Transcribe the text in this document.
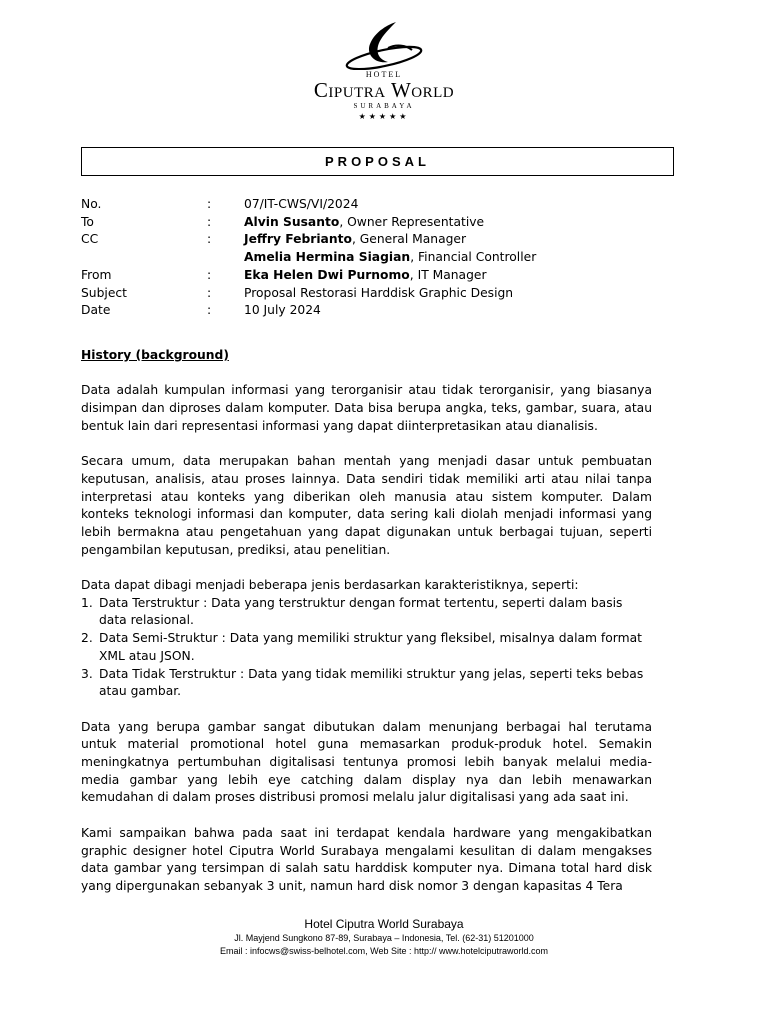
HOTEL
Ciputra World
SURABAYA
★★★★★
PROPOSAL
No.	:	07/IT-CWS/VI/2024
To	:	Alvin Susanto, Owner Representative
CC	:	Jeffry Febrianto, General Manager
Amelia Hermina Siagian, Financial Controller
From	:	Eka Helen Dwi Purnomo, IT Manager
Subject	:	Proposal Restorasi Harddisk Graphic Design
Date	:	10 July 2024
History (background)

Data adalah kumpulan informasi yang terorganisir atau tidak terorganisir, yang biasanya disimpan dan diproses dalam komputer. Data bisa berupa angka, teks, gambar, suara, atau bentuk lain dari representasi informasi yang dapat diinterpretasikan atau dianalisis.

Secara umum, data merupakan bahan mentah yang menjadi dasar untuk pembuatan keputusan, analisis, atau proses lainnya. Data sendiri tidak memiliki arti atau nilai tanpa interpretasi atau konteks yang diberikan oleh manusia atau sistem komputer. Dalam konteks teknologi informasi dan komputer, data sering kali diolah menjadi informasi yang lebih bermakna atau pengetahuan yang dapat digunakan untuk berbagai tujuan, seperti pengambilan keputusan, prediksi, atau penelitian.

Data dapat dibagi menjadi beberapa jenis berdasarkan karakteristiknya, seperti:

1. Data Terstruktur : Data yang terstruktur dengan format tertentu, seperti dalam basis data relasional.
2. Data Semi-Struktur : Data yang memiliki struktur yang fleksibel, misalnya dalam format XML atau JSON.
3. Data Tidak Terstruktur : Data yang tidak memiliki struktur yang jelas, seperti teks bebas atau gambar.

Data yang berupa gambar sangat dibutukan dalam menunjang berbagai hal terutama untuk material promotional hotel guna memasarkan produk-produk hotel. Semakin meningkatnya pertumbuhan digitalisasi tentunya promosi lebih banyak melalui media-media gambar yang lebih eye catching dalam display nya dan lebih menawarkan kemudahan di dalam proses distribusi promosi melalu jalur digitalisasi yang ada saat ini.

Kami sampaikan bahwa pada saat ini terdapat kendala hardware yang mengakibatkan graphic designer hotel Ciputra World Surabaya mengalami kesulitan di dalam mengakses data gambar yang tersimpan di salah satu harddisk komputer nya. Dimana total hard disk yang dipergunakan sebanyak 3 unit, namun hard disk nomor 3 dengan kapasitas 4 Tera

Hotel Ciputra World Surabaya
Jl. Mayjend Sungkono 87-89, Surabaya – Indonesia, Tel. (62-31) 51201000
Email : infocws@swiss-belhotel.com, Web Site : http:// www.hotelciputraworld.com
